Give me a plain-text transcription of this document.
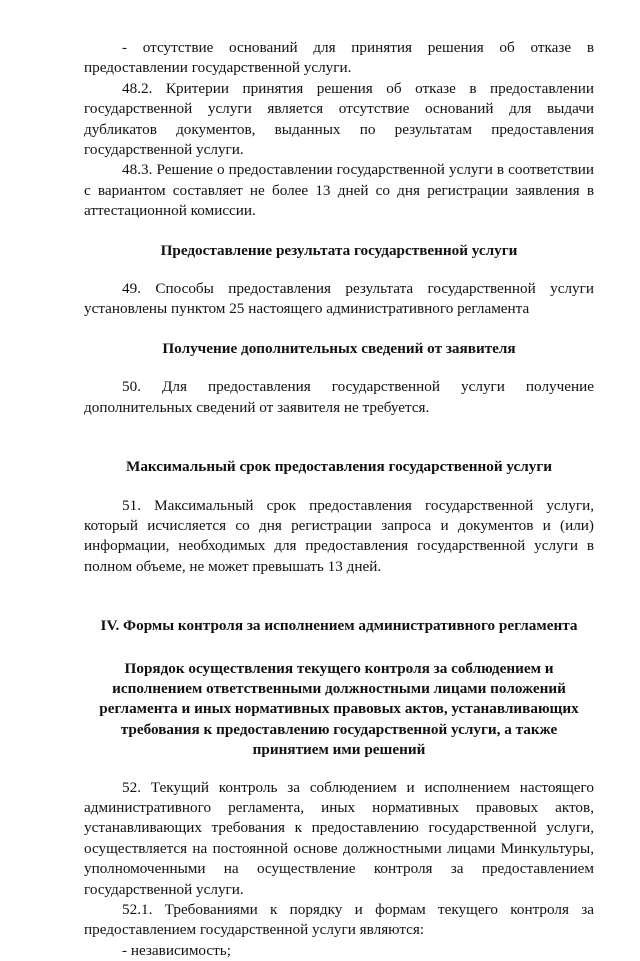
- отсутствие оснований для принятия решения об отказе в предоставлении государственной услуги.

48.2. Критерии принятия решения об отказе в предоставлении государственной услуги является отсутствие оснований для выдачи дубликатов документов, выданных по результатам предоставления государственной услуги.

48.3. Решение о предоставлении государственной услуги в соответствии с вариантом составляет не более 13 дней со дня регистрации заявления в аттестационной комиссии.

Предоставление результата государственной услуги

49. Способы предоставления результата государственной услуги установлены пунктом 25 настоящего административного регламента

Получение дополнительных сведений от заявителя

50. Для предоставления государственной услуги получение дополнительных сведений от заявителя не требуется.

Максимальный срок предоставления государственной услуги

51. Максимальный срок предоставления государственной услуги, который исчисляется со дня регистрации запроса и документов и (или) информации, необходимых для предоставления государственной услуги в полном объеме, не может превышать 13 дней.

IV. Формы контроля за исполнением административного регламента

Порядок осуществления текущего контроля за соблюдением и исполнением ответственными должностными лицами положений регламента и иных нормативных правовых актов, устанавливающих требования к предоставлению государственной услуги, а также принятием ими решений

52. Текущий контроль за соблюдением и исполнением настоящего административного регламента, иных нормативных правовых актов, устанавливающих требования к предоставлению государственной услуги, осуществляется на постоянной основе должностными лицами Минкультуры, уполномоченными на осуществление контроля за предоставлением государственной услуги.

52.1. Требованиями к порядку и формам текущего контроля за предоставлением государственной услуги являются:

- независимость;
